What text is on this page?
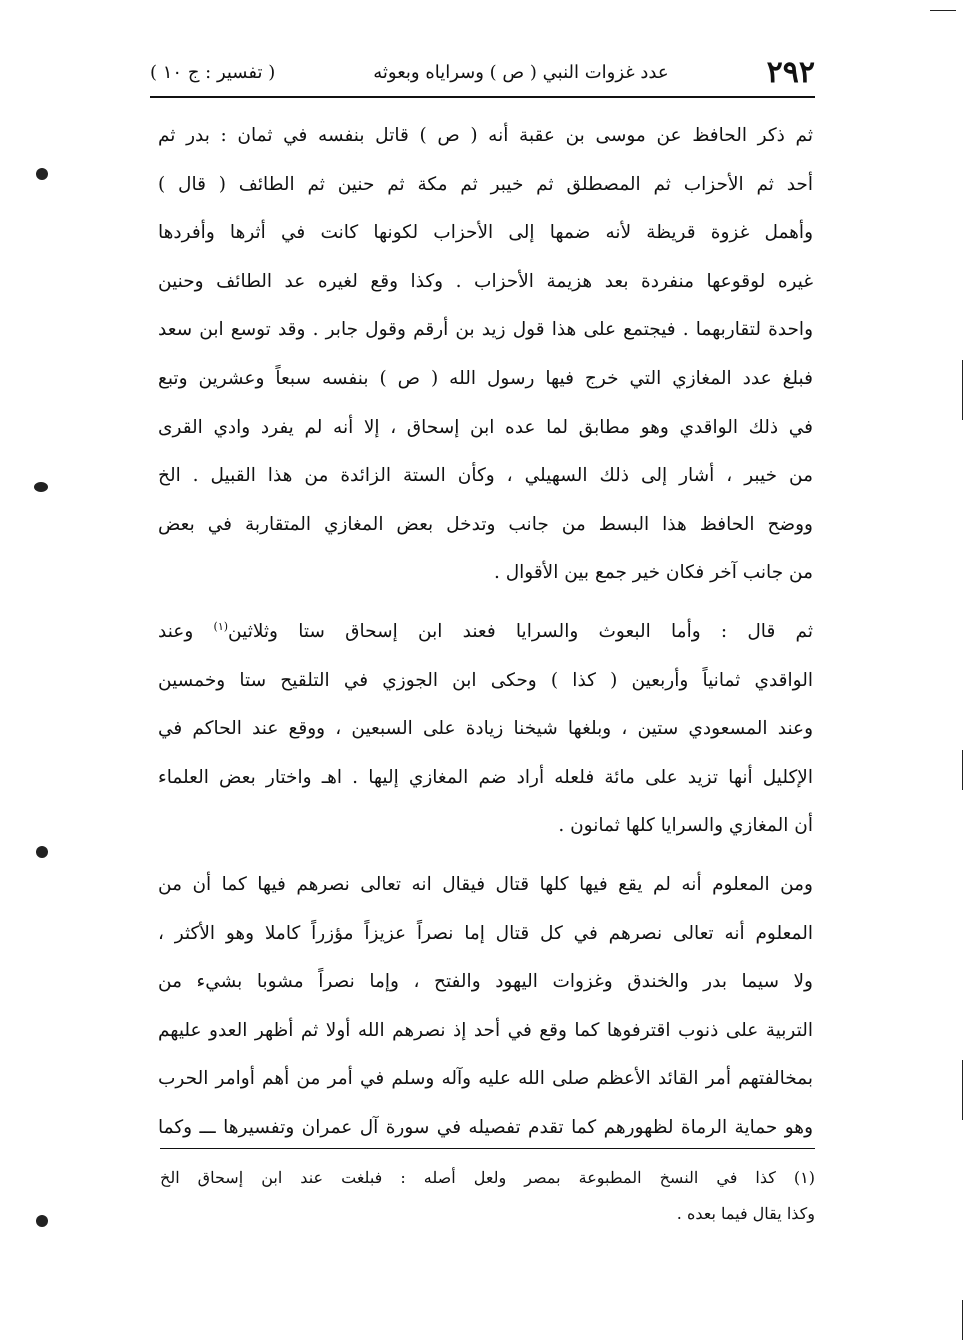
٢٩٢
عدد غزوات النبي ( ص ) وسراياه وبعوثه
( تفسير : ج ١٠ )
ثم ذكر الحافظ عن موسى بن عقبة أنه ( ص ) قاتل بنفسه في ثمان : بدر ثم
أحد ثم الأحزاب ثم المصطلق ثم خيبر ثم مكة ثم حنين ثم الطائف ( قال )
وأهمل غزوة قريظة لأنه ضمها إلى الأحزاب لكونها كانت في أثرها وأفردها
غيره لوقوعها منفردة بعد هزيمة الأحزاب . وكذا وقع لغيره عد الطائف وحنين
واحدة لتقاربهما . فيجتمع على هذا قول زيد بن أرقم وقول جابر . وقد توسع ابن سعد
فبلغ عدد المغازي التي خرج فيها رسول الله ( ص ) بنفسه سبعاً وعشرين وتبع
في ذلك الواقدي وهو مطابق لما عده ابن إسحاق ، إلا أنه لم يفرد وادي القرى
من خيبر ، أشار إلى ذلك السهيلي ، وكأن الستة الزائدة من هذا القبيل . الخ
ووضح الحافظ هذا البسط من جانب وتدخل بعض المغازي المتقاربة في بعض
من جانب آخر فكان خير جمع بين الأقوال .
ثم قال : وأما البعوث والسرايا فعند ابن إسحاق ستا وثلاثين$^{(١)}$ وعند
الواقدي ثمانياً وأربعين ( كذا ) وحكى ابن الجوزي في التلقيح ستا وخمسين
وعند المسعودي ستين ، وبلغها شيخنا زيادة على السبعين ، ووقع عند الحاكم في
الإكليل أنها تزيد على مائة فلعله أراد ضم المغازي إليها . اهـ واختار بعض العلماء
أن المغازي والسرايا كلها ثمانون .
ومن المعلوم أنه لم يقع فيها كلها قتال فيقال انه تعالى نصرهم فيها كما أن من
المعلوم أنه تعالى نصرهم في كل قتال إما نصراً عزيزاً مؤزراً كاملا وهو الأكثر ،
ولا سيما بدر والخندق وغزوات اليهود والفتح ، وإما نصراً مشوبا بشيء من
التربية على ذنوب اقترفوها كما وقع في أحد إذ نصرهم الله أولا ثم أظهر العدو عليهم
بمخالفتهم أمر القائد الأعظم صلى الله عليه وآله وسلم في أمر من أهم أوامر الحرب
وهو حماية الرماة لظهورهم كما تقدم تفصيله في سورة آل عمران وتفسيرها ـــ وكما
(١) كذا في النسخ المطبوعة بمصر ولعل أصله : فبلغت عند ابن إسحاق الخ
وكذا يقال فيما بعده .
